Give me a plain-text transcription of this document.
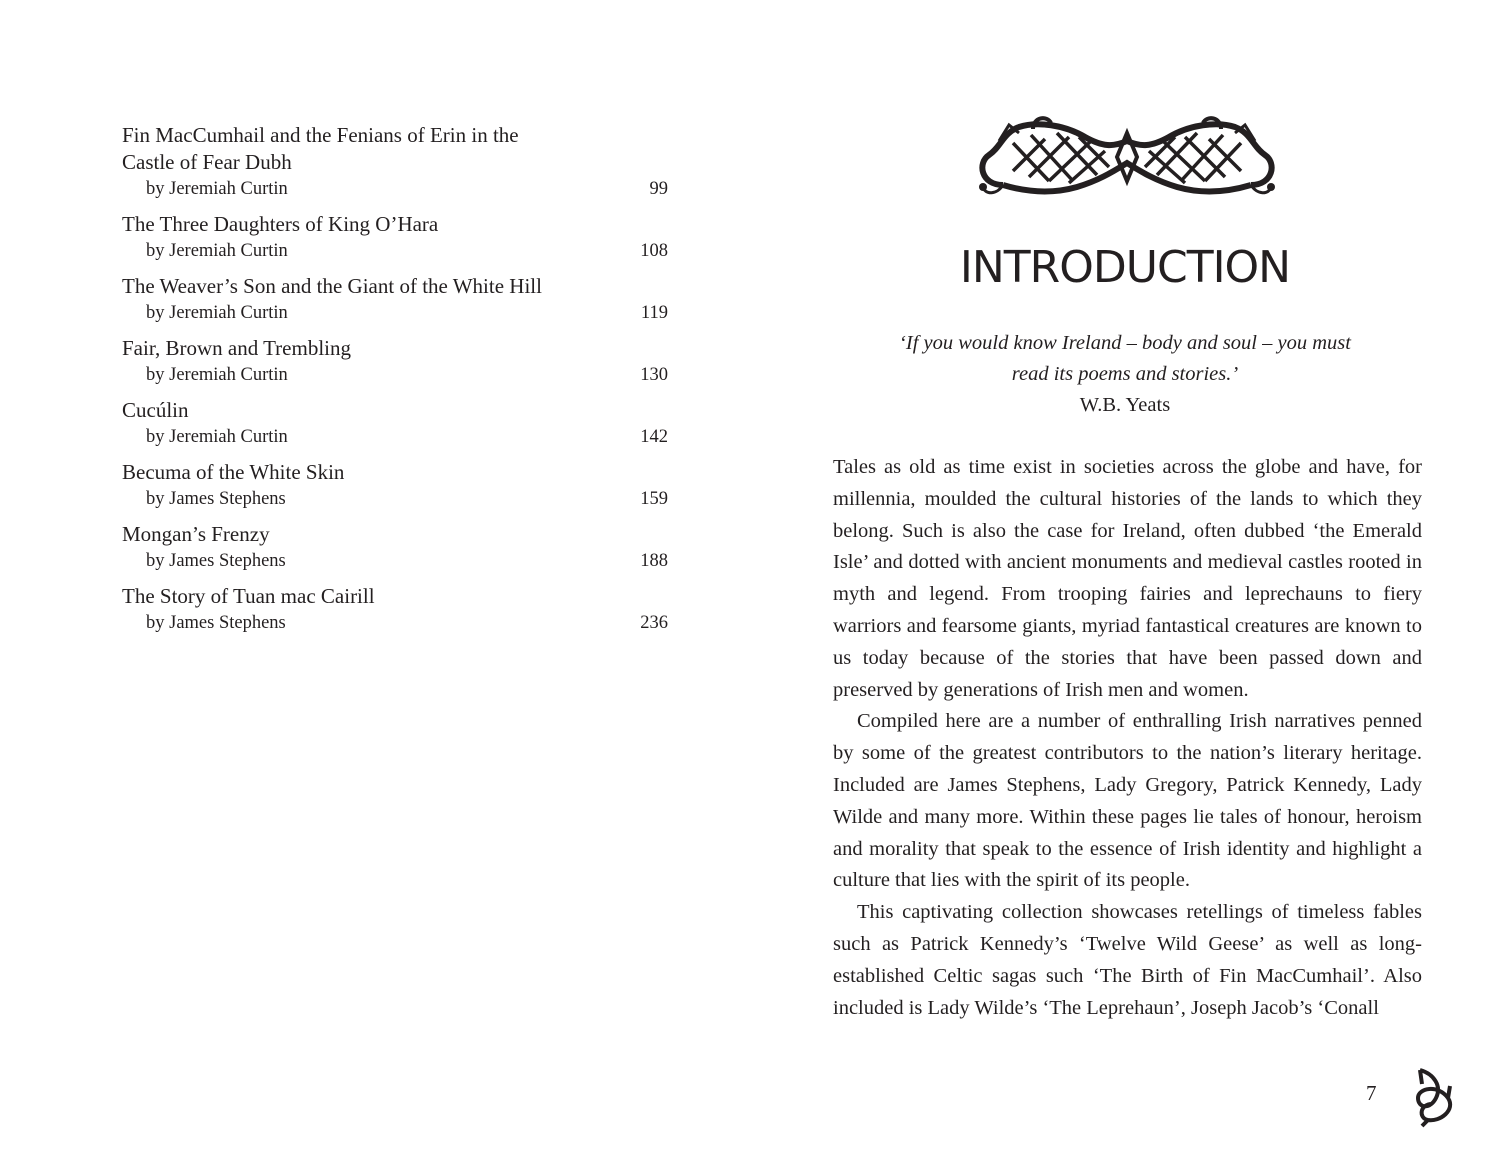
Fin MacCumhail and the Fenians of Erin in the
Castle of Fear Dubh
by Jeremiah Curtin	99
The Three Daughters of King O’Hara
by Jeremiah Curtin	108
The Weaver’s Son and the Giant of the White Hill
by Jeremiah Curtin	119
Fair, Brown and Trembling
by Jeremiah Curtin	130
Cucúlin
by Jeremiah Curtin	142
Becuma of the White Skin
by James Stephens	159
Mongan’s Frenzy
by James Stephens	188
The Story of Tuan mac Cairill
by James Stephens	236
INTRODUCTION
‘If you would know Ireland – body and soul – you must
read its poems and stories.’
W.B. Yeats

Tales as old as time exist in societies across the globe and have, for millennia, moulded the cultural histories of the lands to which they belong. Such is also the case for Ireland, often dubbed ‘the Emerald Isle’ and dotted with ancient monuments and medieval castles rooted in myth and legend. From trooping fairies and leprechauns to fiery warriors and fearsome giants, myriad fantastical creatures are known to us today because of the stories that have been passed down and preserved by generations of Irish men and women.

Compiled here are a number of enthralling Irish narratives penned by some of the greatest contributors to the nation’s literary heritage. Included are James Stephens, Lady Gregory, Patrick Kennedy, Lady Wilde and many more. Within these pages lie tales of honour, heroism and morality that speak to the essence of Irish identity and highlight a culture that lies with the spirit of its people.

This captivating collection showcases retellings of timeless fables such as Patrick Kennedy’s ‘Twelve Wild Geese’ as well as long-established Celtic sagas such ‘The Birth of Fin MacCumhail’. Also included is Lady Wilde’s ‘The Leprehaun’, Joseph Jacob’s ‘Conall

7
